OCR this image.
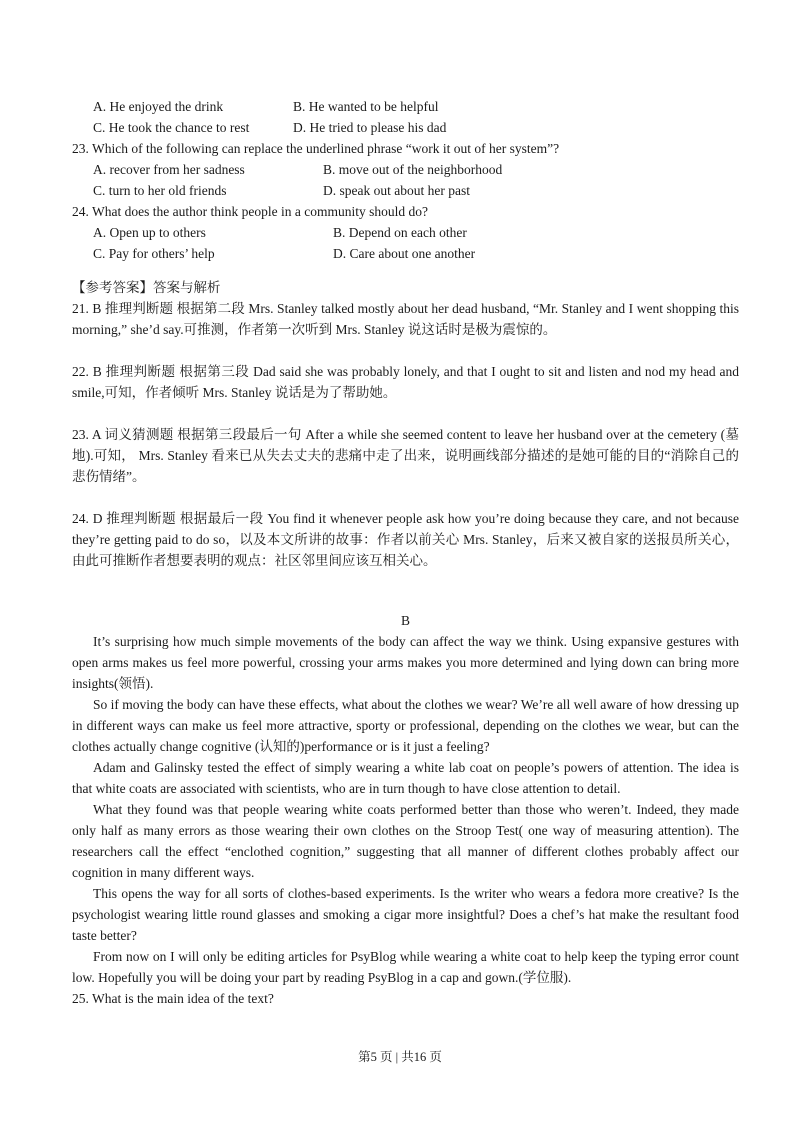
A. He enjoyed the drink	B. He wanted to be helpful
C. He took the chance to rest	D. He tried to please his dad
23. Which of the following can replace the underlined phrase “work it out of her system”?
A. recover from her sadness	B. move out of the neighborhood
C. turn to her old friends	D. speak out about her past
24. What does the author think people in a community should do?
A. Open up to others	B. Depend on each other
C. Pay for others’ help	D. Care about one another
【参考答案】答案与解析

21. B 推理判断题 根据第二段 Mrs. Stanley talked mostly about her dead husband, “Mr. Stanley and I went shopping this morning,” she’d say.可推测，作者第一次听到 Mrs. Stanley 说这话时是极为震惊的。

22. B 推理判断题 根据第三段 Dad said she was probably lonely, and that I ought to sit and listen and nod my head and smile,可知，作者倾听 Mrs. Stanley 说话是为了帮助她。

23. A 词义猜测题 根据第三段最后一句 After a while she seemed content to leave her husband over at the cemetery (墓地).可知， Mrs. Stanley 看来已从失去丈夫的悲痛中走了出来，说明画线部分描述的是她可能的目的“消除自己的悲伤情绪”。

24. D 推理判断题 根据最后一段 You find it whenever people ask how you’re doing because they care, and not because they’re getting paid to do so，以及本文所讲的故事：作者以前关心 Mrs. Stanley，后来又被自家的送报员所关心，由此可推断作者想要表明的观点：社区邻里间应该互相关心。

B

It’s surprising how much simple movements of the body can affect the way we think. Using expansive gestures with open arms makes us feel more powerful, crossing your arms makes you more determined and lying down can bring more insights(领悟).

So if moving the body can have these effects, what about the clothes we wear? We’re all well aware of how dressing up in different ways can make us feel more attractive, sporty or professional, depending on the clothes we wear, but can the clothes actually change cognitive (认知的)performance or is it just a feeling?

Adam and Galinsky tested the effect of simply wearing a white lab coat on people’s powers of attention. The idea is that white coats are associated with scientists, who are in turn though to have close attention to detail.

What they found was that people wearing white coats performed better than those who weren’t. Indeed, they made only half as many errors as those wearing their own clothes on the Stroop Test( one way of measuring attention). The researchers call the effect “enclothed cognition,” suggesting that all manner of different clothes probably affect our cognition in many different ways.

This opens the way for all sorts of clothes-based experiments. Is the writer who wears a fedora more creative? Is the psychologist wearing little round glasses and smoking a cigar more insightful? Does a chef’s hat make the resultant food taste better?

From now on I will only be editing articles for PsyBlog while wearing a white coat to help keep the typing error count low. Hopefully you will be doing your part by reading PsyBlog in a cap and gown.(学位服).

25. What is the main idea of the text?
第5 页 | 共16 页
